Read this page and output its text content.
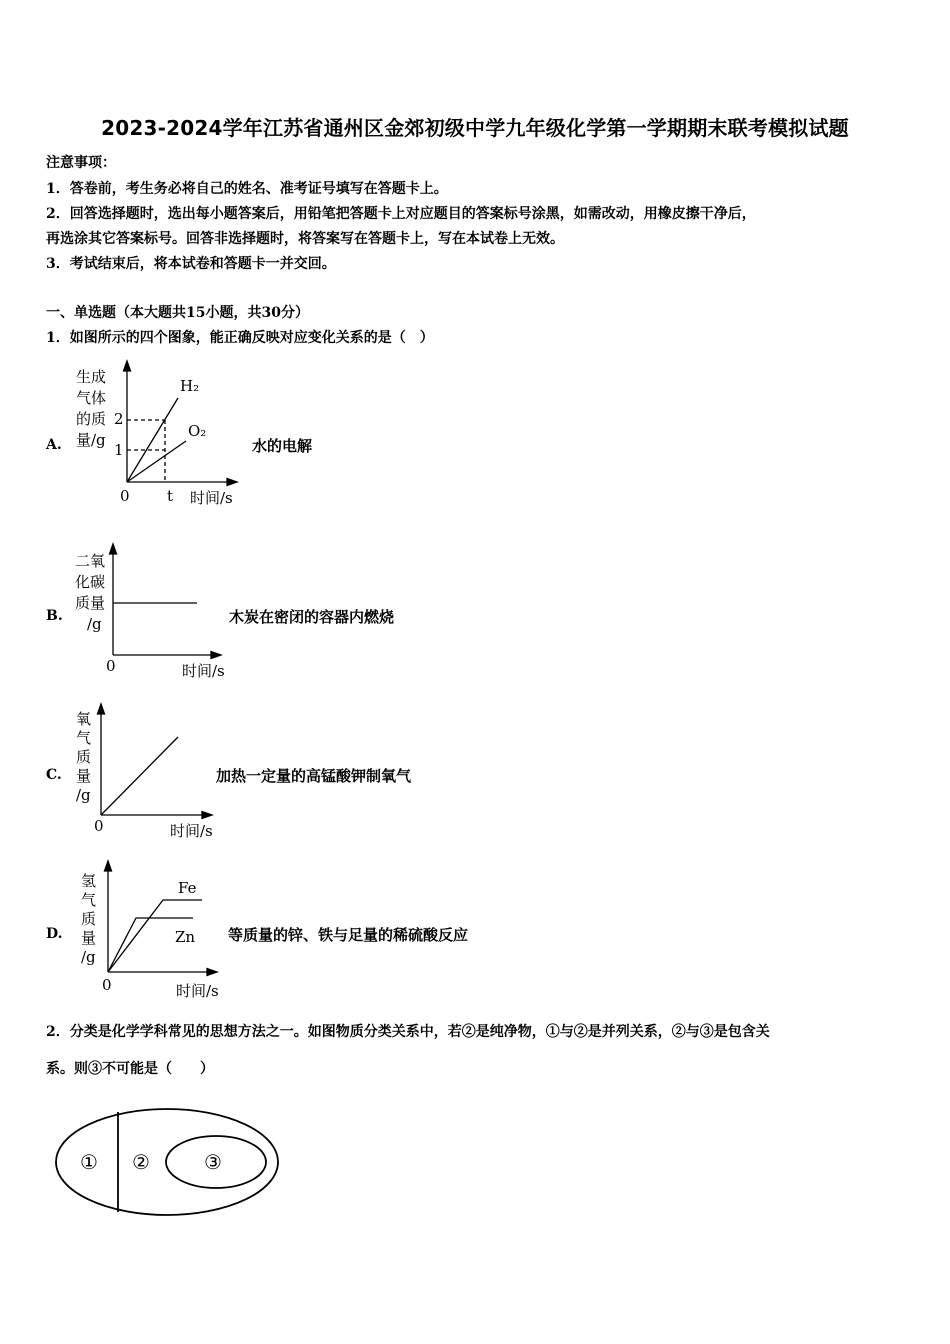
2023-2024学年江苏省通州区金郊初级中学九年级化学第一学期期末联考模拟试题
注意事项：
1．答卷前，考生务必将自己的姓名、准考证号填写在答题卡上。
2．回答选择题时，选出每小题答案后，用铅笔把答题卡上对应题目的答案标号涂黑，如需改动，用橡皮擦干净后，
再选涂其它答案标号。回答非选择题时，将答案写在答题卡上，写在本试卷上无效。
3．考试结束后，将本试卷和答题卡一并交回。
一、单选题（本大题共15小题，共30分）
1．如图所示的四个图象，能正确反映对应变化关系的是（　）
A.	水的电解
生成
气体
的质
量/g
0 t 时间/s
2
1
H₂
O₂
B.	木炭在密闭的容器内燃烧
二氧
化碳
质量
/g
0	时间/s
C.	加热一定量的高锰酸钾制氧气
氧
气
质
量
/g
0	时间/s
D.	等质量的锌、铁与足量的稀硫酸反应
氢
气
质
量
/g
0	时间/s
Fe
Zn
2．分类是化学学科常见的思想方法之一。如图物质分类关系中，若②是纯净物，①与②是并列关系，②与③是包含关
系。则③不可能是（　　）
① ②	③
